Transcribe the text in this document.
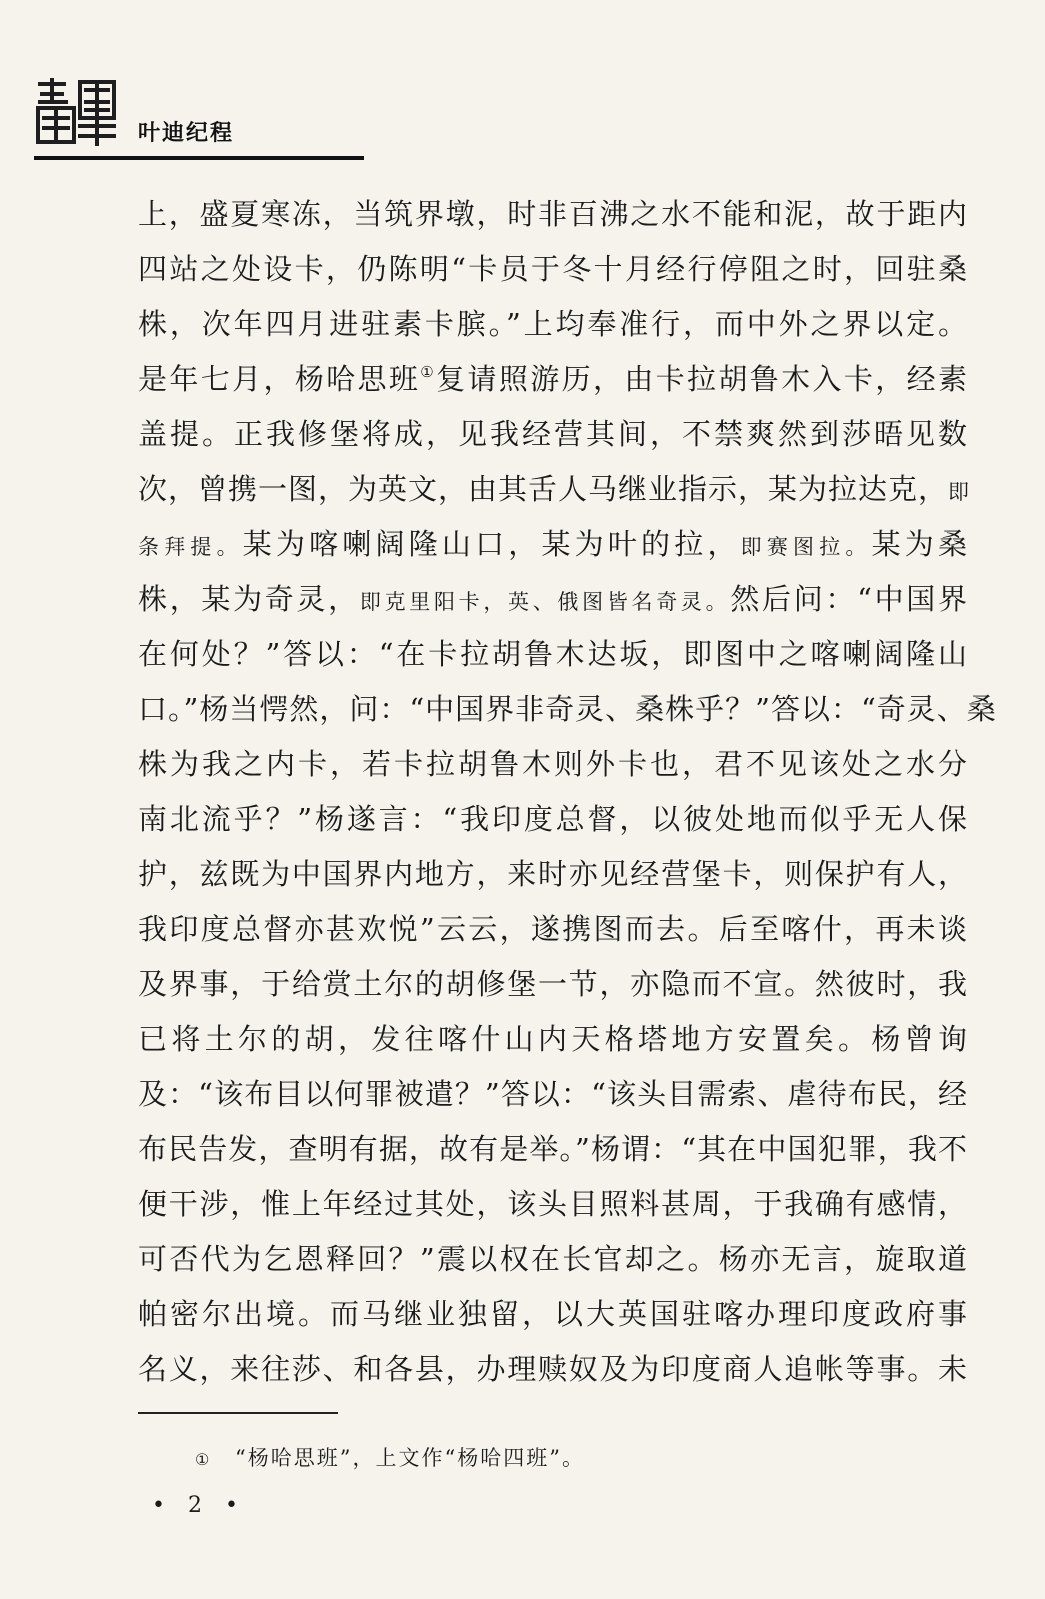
叶迪纪程
上，盛夏寒冻，当筑界墩，时非百沸之水不能和泥，故于距内
四站之处设卡，仍陈明“卡员于冬十月经行停阻之时，回驻桑
株，次年四月进驻素卡膑。”上均奉准行，而中外之界以定。
是年七月，杨哈思班①复请照游历，由卡拉胡鲁木入卡，经素
盖提。正我修堡将成，见我经营其间，不禁爽然到莎晤见数
次，曾携一图，为英文，由其舌人马继业指示，某为拉达克，即
条拜提。某为喀喇阔隆山口，某为叶的拉，即赛图拉。某为桑
株，某为奇灵，即克里阳卡，英、俄图皆名奇灵。然后问：“中国界
在何处？”答以：“在卡拉胡鲁木达坂，即图中之喀喇阔隆山
口。”杨当愕然，问：“中国界非奇灵、桑株乎？”答以：“奇灵、桑
株为我之内卡，若卡拉胡鲁木则外卡也，君不见该处之水分
南北流乎？”杨遂言：“我印度总督，以彼处地而似乎无人保
护，兹既为中国界内地方，来时亦见经营堡卡，则保护有人，
我印度总督亦甚欢悦”云云，遂携图而去。后至喀什，再未谈
及界事，于给赏土尔的胡修堡一节，亦隐而不宣。然彼时，我
已将土尔的胡，发往喀什山内天格塔地方安置矣。杨曾询
及：“该布目以何罪被遣？”答以：“该头目需索、虐待布民，经
布民告发，查明有据，故有是举。”杨谓：“其在中国犯罪，我不
便干涉，惟上年经过其处，该头目照料甚周，于我确有感情，
可否代为乞恩释回？”震以权在长官却之。杨亦无言，旋取道
帕密尔出境。而马继业独留，以大英国驻喀办理印度政府事
名义，来往莎、和各县，办理赎奴及为印度商人追帐等事。未
① “杨哈思班”，上文作“杨哈四班”。
• 2 •
